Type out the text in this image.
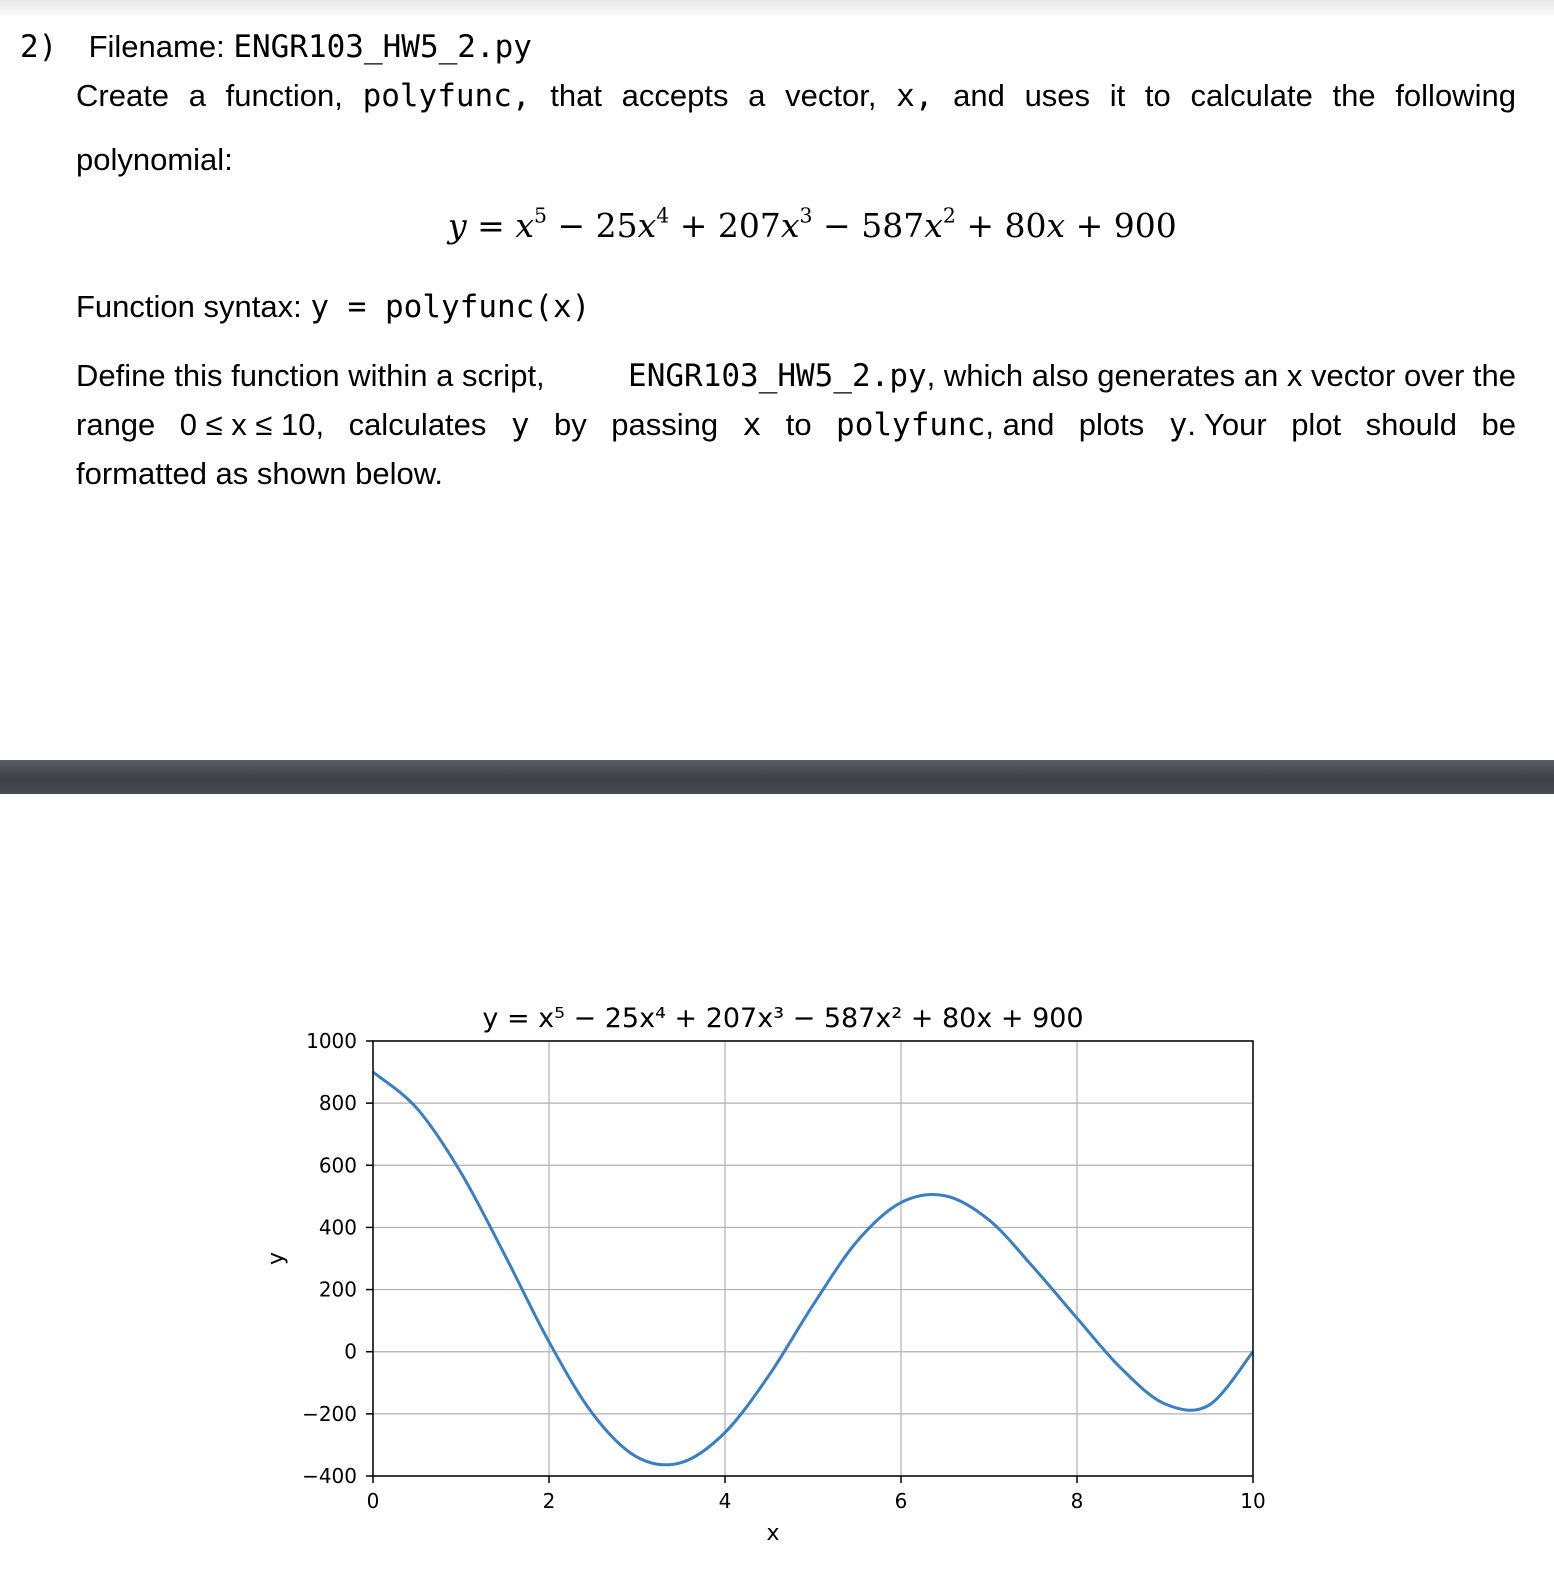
2) Filename: ENGR103_HW5_2.py
Create a function, polyfunc, that accepts a vector, x, and uses it to calculate the following
polynomial:
$y = x^5 - 25x^4 + 207x^3 - 587x^2 + 80x + 900$
Function syntax: y = polyfunc(x)
Define this function within a script,	ENGR103_HW5_2.py, which also generates an x vector over the
range 0 ≤ x ≤ 10, calculates y by passing x to polyfunc, and plots y. Your plot should be
formatted as shown below.
0	2	4	6	8	10
1000
800
600
400
200
0
−200
−400
y = x⁵ − 25x⁴ + 207x³ − 587x² + 80x + 900
x
y
